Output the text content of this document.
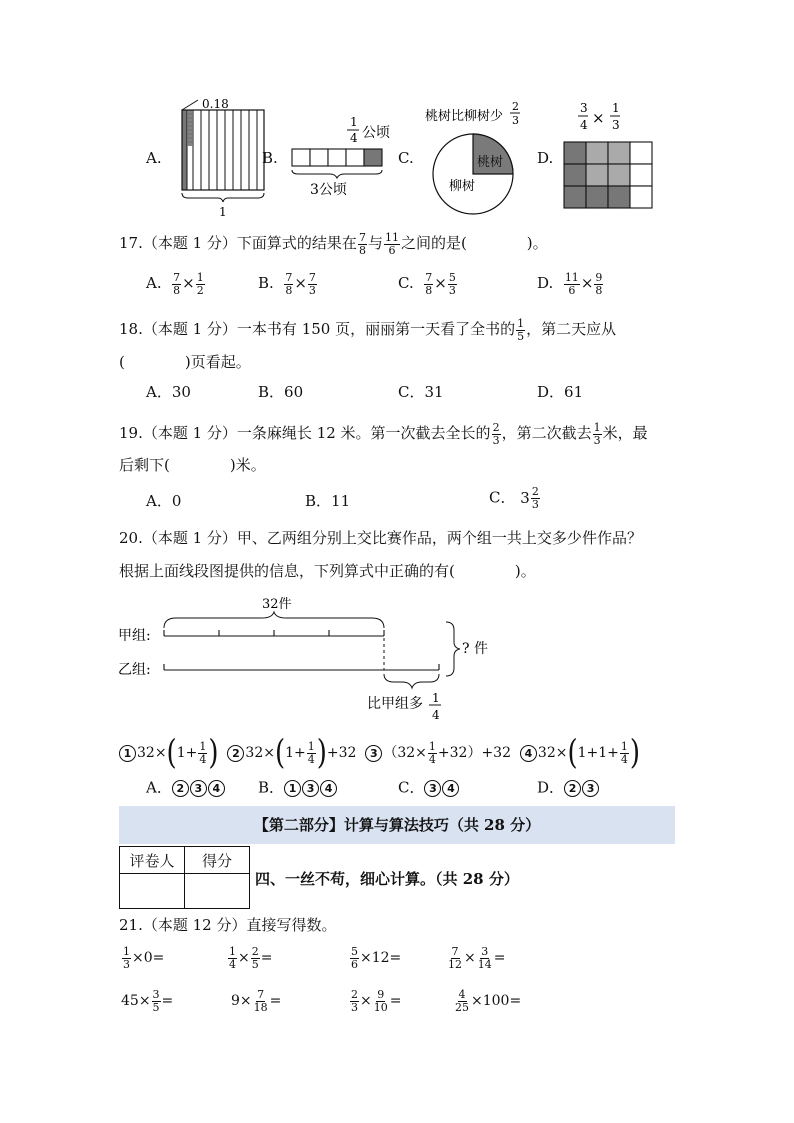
A.
0.18
1
B.
1
4 公顷
3公顷
C.
桃树比柳树少
2
3
桃树
柳树
D.
3
4 ×
1
3
17.（本题 1 分）下面算式的结果在 $\frac{7}{8}$ 与 $\frac{11}{6}$ 之间的是(　　　　)。
A. $\frac{7}{8} \times \frac{1}{2}$	B. $\frac{7}{8} \times \frac{7}{3}$	C. $\frac{7}{8} \times \frac{5}{3}$	D. $\frac{11}{6} \times \frac{9}{8}$
18.（本题 1 分）一本书有 150 页，丽丽第一天看了全书的 $\frac{1}{5}$ ，第二天应从
(　　　　)页看起。
A．30	B．60	C．31	D．61
19.（本题 1 分）一条麻绳长 12 米。第一次截去全长的 $\frac{2}{3}$ ，第二次截去 $\frac{1}{3}$ 米，最
后剩下(　　　　)米。
A．0	B．11	C． 3 2
3
20.（本题 1 分）甲、乙两组分别上交比赛作品，两个组一共上交多少件作品？
根据上面线段图提供的信息，下列算式中正确的有(　　　　)。
32件
甲组:
乙组:
? 件
比甲组多 1
4
1 $32\times(1+ \frac{1}{4}$ ) 2 $32\times(1+ \frac{1}{4} )+32$ 3 $(32\times \frac{1}{4} +32)+32$ 4 $32\times(1+1+ \frac{1}{4}$ )
A． 2 3 4	B． 1 3 4	C． 3 4	D． 2 3
【第二部分】计算与算法技巧（共 28 分）
评卷人	得分

四、一丝不苟，细心计算。（共 28 分）
21.（本题 12 分）直接写得数。
$\frac{1}{3} \times 0=$	$\frac{1}{4} \times \frac{2}{5}$ =	$\frac{5}{6} \times 12=$	$\frac{7}{12} \times \frac{3}{14}$ =
$45\times \frac{3}{5}$ =	$9\times \frac{7}{18}$ =	$\frac{2}{3} \times \frac{9}{10}$ =	$\frac{4}{25} \times 100=$
